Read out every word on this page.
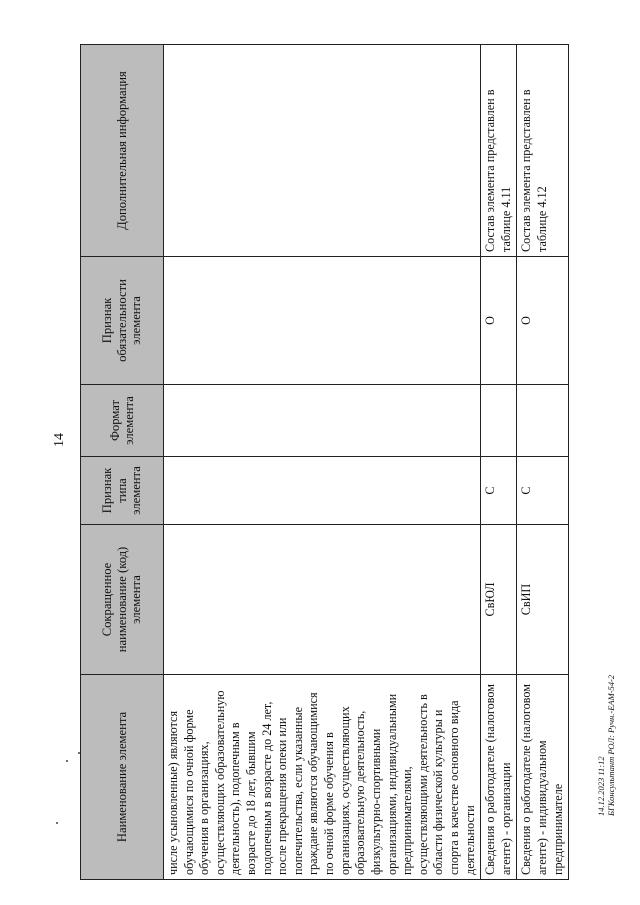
14
Наименование элемента	Сокращенное наименование (код) элемента	Признак типа элемента	Формат элемента	Признак обязательности элемента	Дополнительная информация
числе усыновленные) являются обучающимися по очной форме обучения в организациях, осуществляющих образовательную деятельность), подопечным в возрасте до 18 лет, бывшим подопечным в возрасте до 24 лет, после прекращения опеки или попечительства, если указанные граждане являются обучающимися по очной форме обучения в организациях, осуществляющих образовательную деятельность, физкультурно-спортивными организациями, индивидуальными предпринимателями, осуществляющими деятельность в области физической культуры и спорта в качестве основного вида деятельности					
Сведения о работодателе (налоговом агенте) - организации	СвЮЛ	С		О	Состав элемента представлен в таблице 4.11
Сведения о работодателе (налоговом агенте) - индивидуальном предпринимателе	СвИП	С		О	Состав элемента представлен в таблице 4.12
14.12.2023 11:12 БГКонсультант РОЛ: Ручн.-ЕАМ-54-2
